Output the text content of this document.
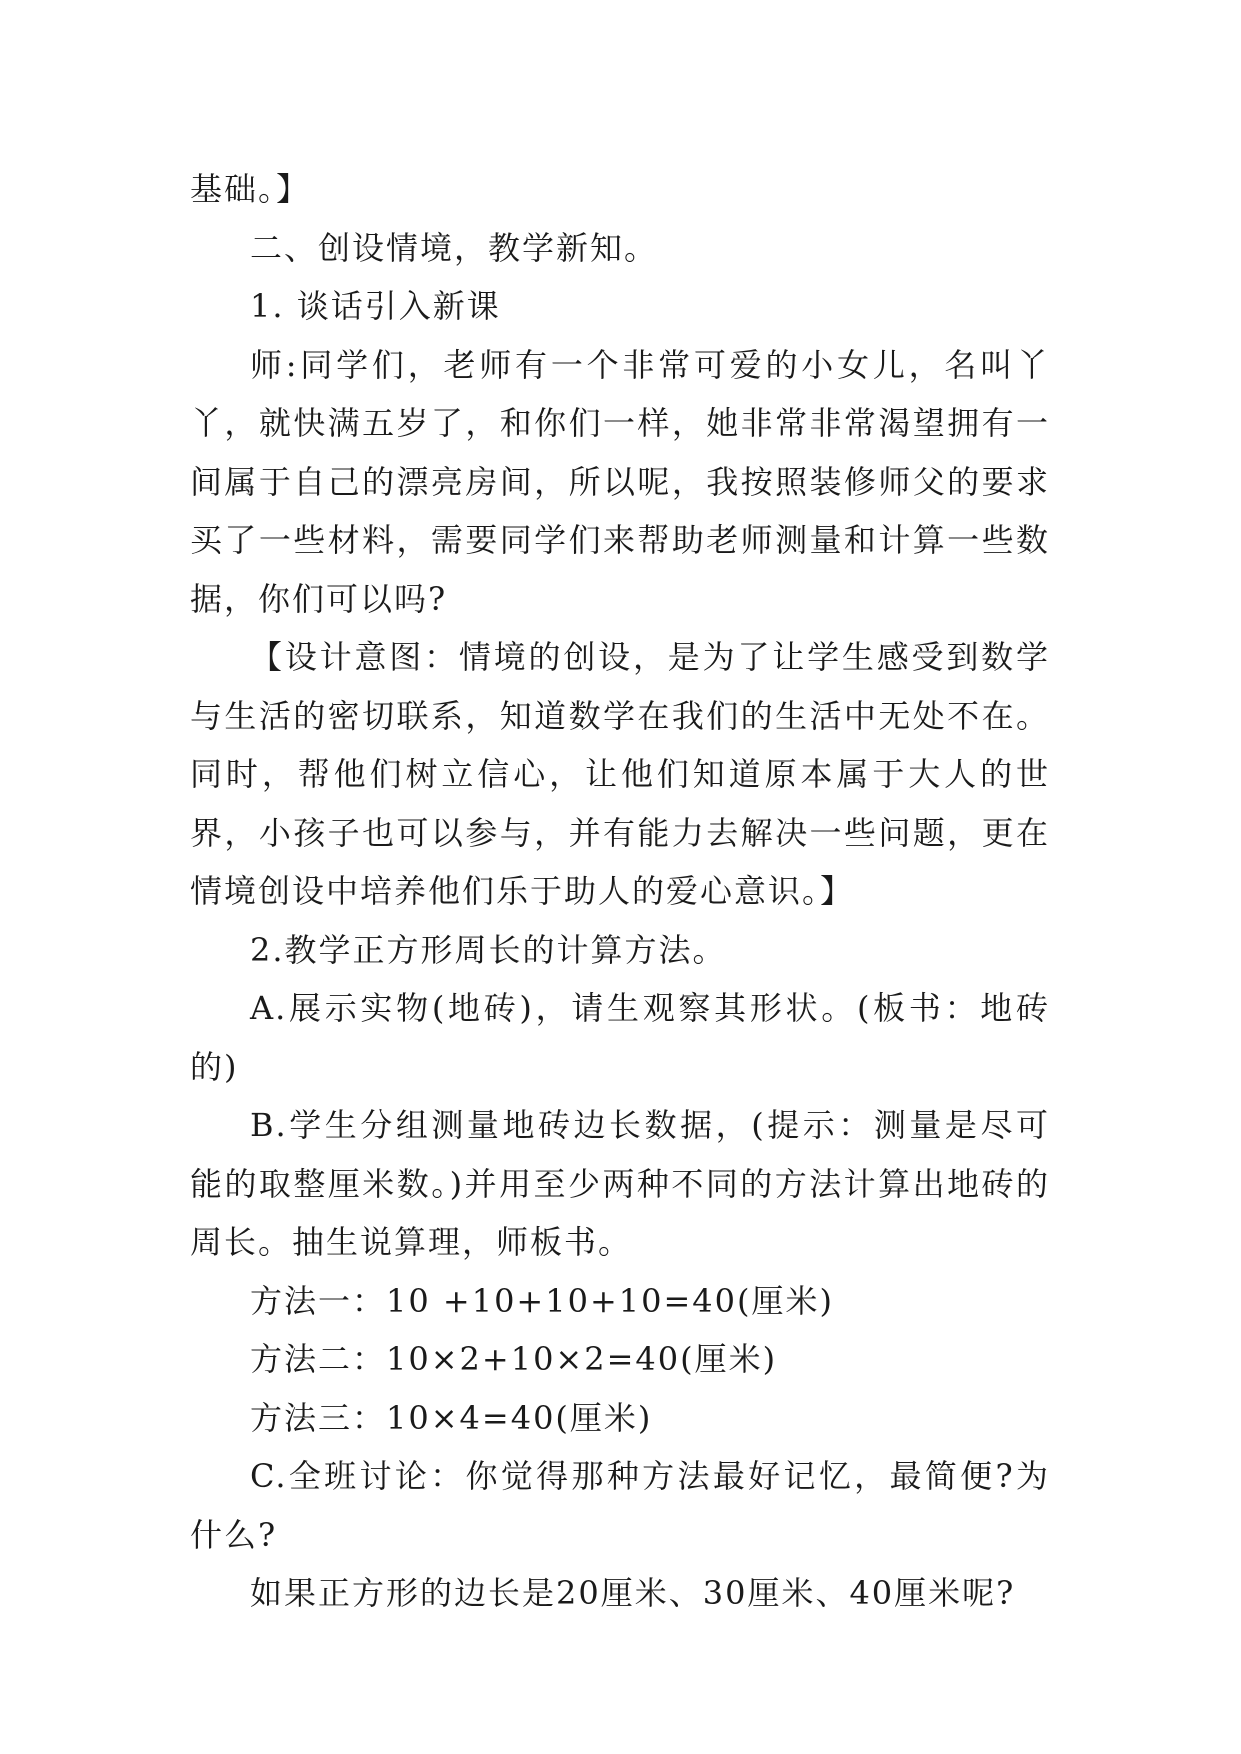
基础。】

二、创设情境，教学新知。

1. 谈话引入新课

师:同学们，老师有一个非常可爱的小女儿，名叫丫丫，就快满五岁了，和你们一样，她非常非常渴望拥有一间属于自己的漂亮房间，所以呢，我按照装修师父的要求买了一些材料，需要同学们来帮助老师测量和计算一些数据，你们可以吗?

【设计意图：情境的创设，是为了让学生感受到数学与生活的密切联系，知道数学在我们的生活中无处不在。同时，帮他们树立信心，让他们知道原本属于大人的世界，小孩子也可以参与，并有能力去解决一些问题，更在情境创设中培养他们乐于助人的爱心意识。】

2.教学正方形周长的计算方法。

A.展示实物(地砖)，请生观察其形状。(板书：地砖的)

B.学生分组测量地砖边长数据，(提示：测量是尽可能的取整厘米数。)并用至少两种不同的方法计算出地砖的周长。抽生说算理，师板书。

方法一：10 +10+10+10=40(厘米)

方法二：10×2+10×2=40(厘米)

方法三：10×4=40(厘米)

C.全班讨论：你觉得那种方法最好记忆，最简便?为什么?

如果正方形的边长是20厘米、30厘米、40厘米呢?
